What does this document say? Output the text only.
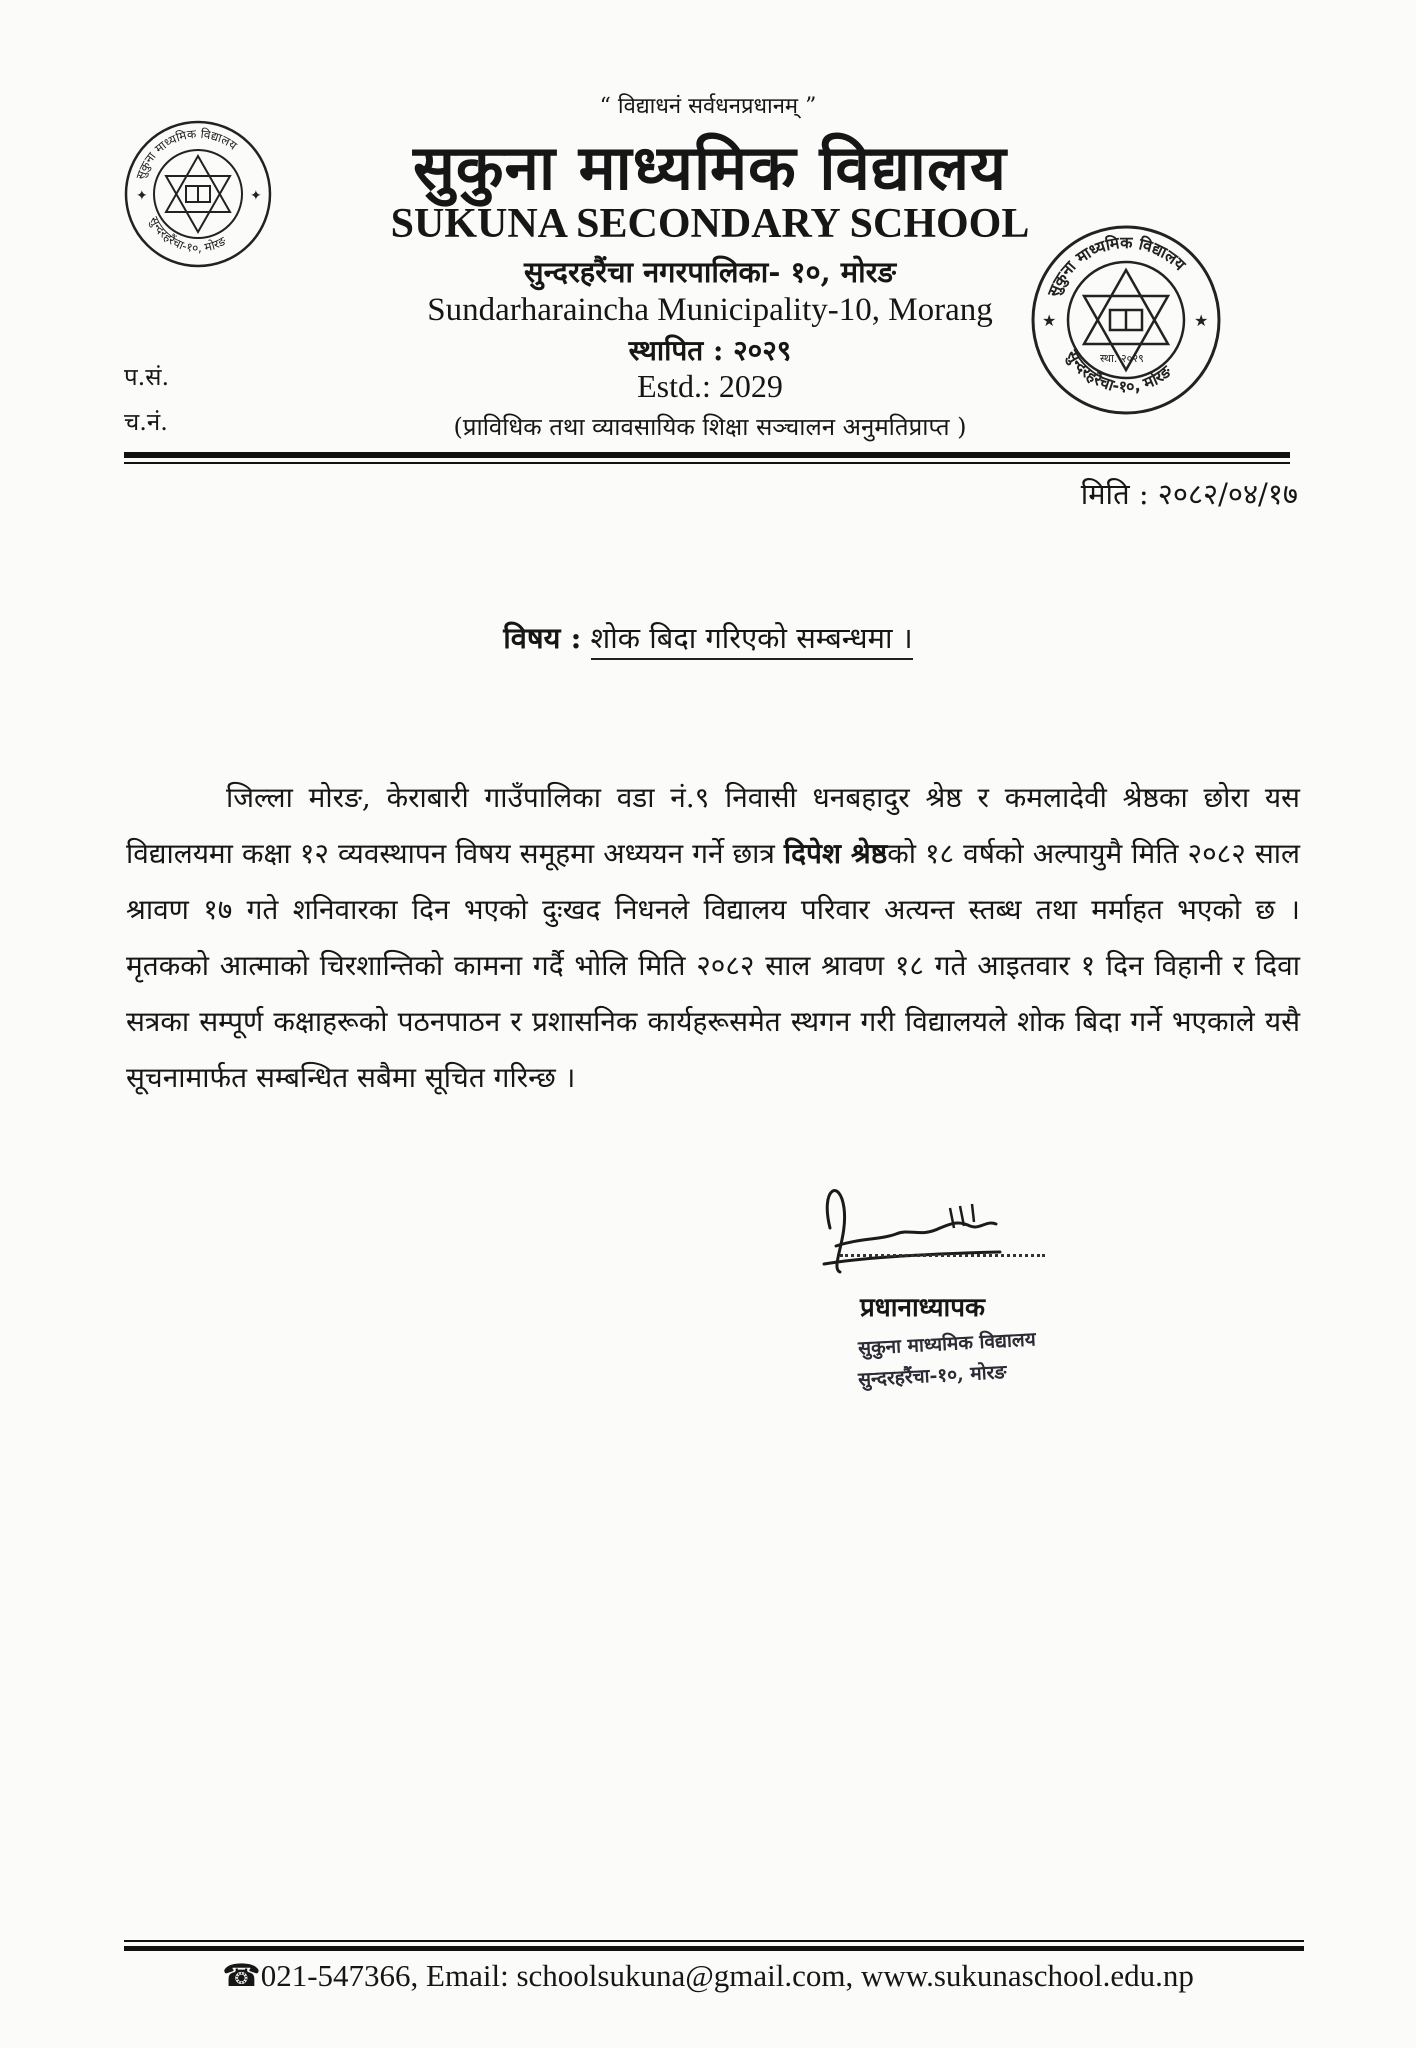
सुकुना माध्यमिक विद्यालय
सुन्दरहरैंचा-१०, मोरङ
✦	✦
सुकुना माध्यमिक विद्यालय
सुन्दरहरैंचा-१०, मोरङ
स्था. २०२९
★	★
“ विद्याधनं सर्वधनप्रधानम् ”
सुकुना माध्यमिक विद्यालय
SUKUNA SECONDARY SCHOOL
सुन्दरहरैंचा नगरपालिका- १०, मोरङ
Sundarharaincha Municipality-10, Morang
स्थापित : २०२९
Estd.: 2029
(प्राविधिक तथा व्यावसायिक शिक्षा सञ्चालन अनुमतिप्राप्त )
प.सं.
च.नं.
मिति : २०८२/०४/१७
विषय : शोक बिदा गरिएको सम्बन्धमा ।
जिल्ला मोरङ, केराबारी गाउँपालिका वडा नं.९ निवासी धनबहादुर श्रेष्ठ र कमलादेवी श्रेष्ठका छोरा यस विद्यालयमा कक्षा १२ व्यवस्थापन विषय समूहमा अध्ययन गर्ने छात्र दिपेश श्रेष्ठको १८ वर्षको अल्पायुमै मिति २०८२ साल श्रावण १७ गते शनिवारका दिन भएको दुःखद निधनले विद्यालय परिवार अत्यन्त स्तब्ध तथा मर्माहत भएको छ । मृतकको आत्माको चिरशान्तिको कामना गर्दै भोलि मिति २०८२ साल श्रावण १८ गते आइतवार १ दिन विहानी र दिवा सत्रका सम्पूर्ण कक्षाहरूको पठनपाठन र प्रशासनिक कार्यहरूसमेत स्थगन गरी विद्यालयले शोक बिदा गर्ने भएकाले यसै सूचनामार्फत सम्बन्धित सबैमा सूचित गरिन्छ ।
प्रधानाध्यापक
सुकुना माध्यमिक विद्यालय
सुन्दरहरैंचा-१०, मोरङ
☎021-547366, Email: schoolsukuna@gmail.com, www.sukunaschool.edu.np
